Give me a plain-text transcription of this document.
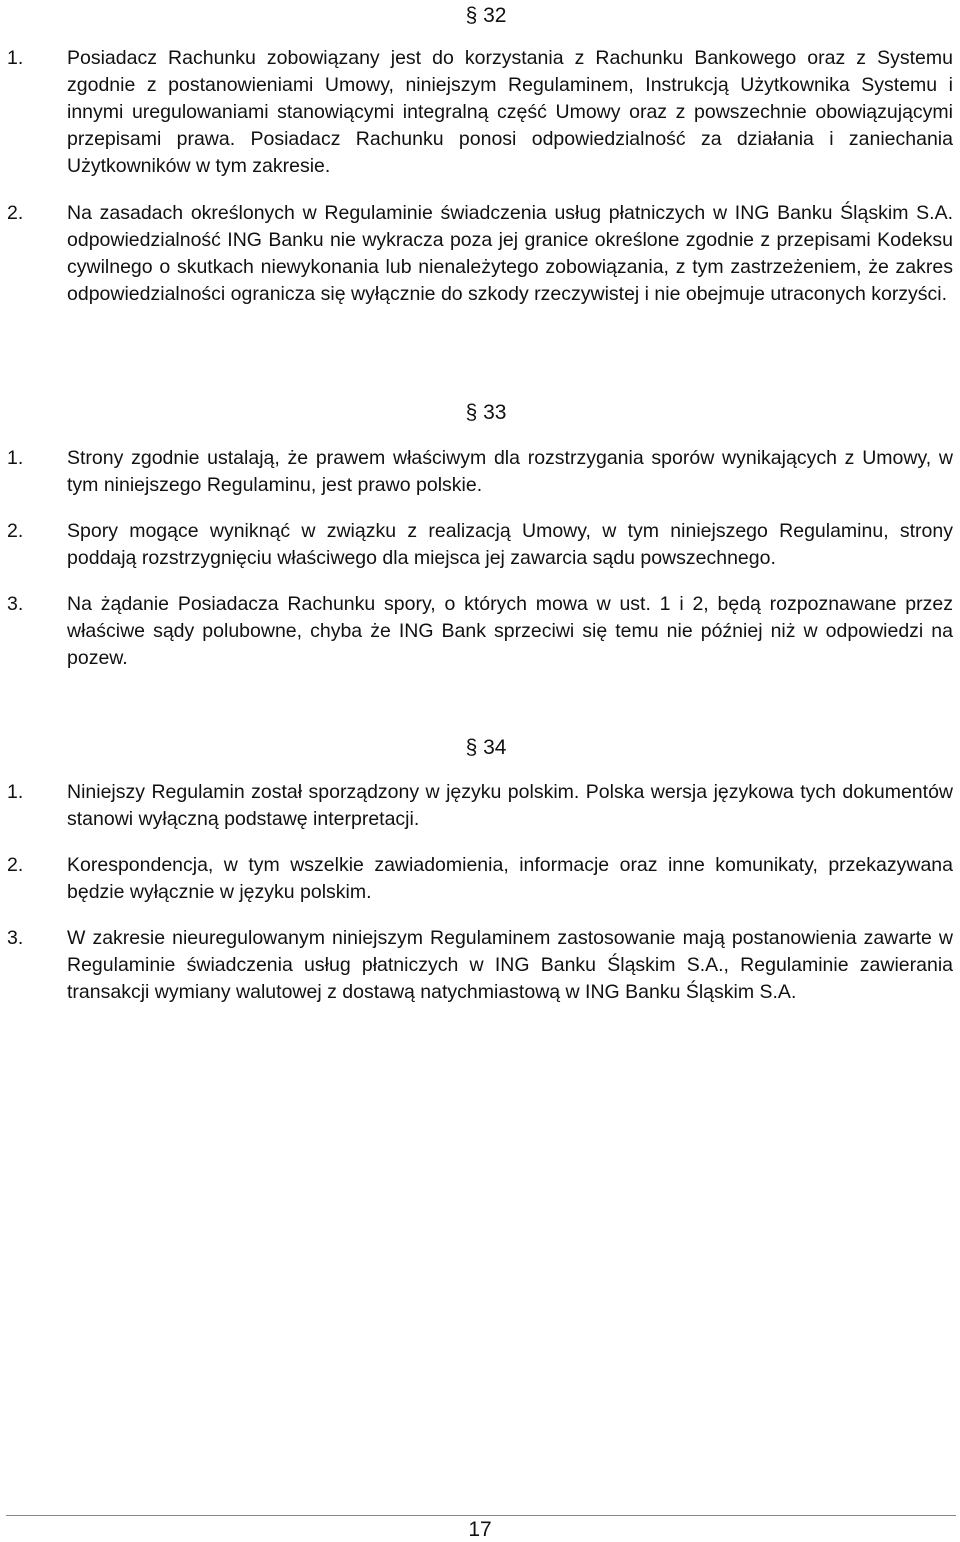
§ 32
1.	Posiadacz Rachunku zobowiązany jest do korzystania z Rachunku Bankowego oraz z Systemu zgodnie z postanowieniami Umowy, niniejszym Regulaminem, Instrukcją Użytkownika Systemu i innymi uregulowaniami stanowiącymi integralną część Umowy oraz z powszechnie obowiązującymi przepisami prawa. Posiadacz Rachunku ponosi odpowiedzialność za działania i zaniechania Użytkowników w tym zakresie.
2.	Na zasadach określonych w Regulaminie świadczenia usług płatniczych w ING Banku Śląskim S.A. odpowiedzialność ING Banku nie wykracza poza jej granice określone zgodnie z przepisami Kodeksu cywilnego o skutkach niewykonania lub nienależytego zobowiązania, z tym zastrzeżeniem, że zakres odpowiedzialności ogranicza się wyłącznie do szkody rzeczywistej i nie obejmuje utraconych korzyści.
§ 33
1.	Strony zgodnie ustalają, że prawem właściwym dla rozstrzygania sporów wynikających z Umowy, w tym niniejszego Regulaminu, jest prawo polskie.
2.	Spory mogące wyniknąć w związku z realizacją Umowy, w tym niniejszego Regulaminu, strony poddają rozstrzygnięciu właściwego dla miejsca jej zawarcia sądu powszechnego.
3.	Na żądanie Posiadacza Rachunku spory, o których mowa w ust. 1 i 2, będą rozpoznawane przez właściwe sądy polubowne, chyba że ING Bank sprzeciwi się temu nie później niż w odpowiedzi na pozew.
§ 34
1.	Niniejszy Regulamin został sporządzony w języku polskim. Polska wersja językowa tych dokumentów stanowi wyłączną podstawę interpretacji.
2.	Korespondencja, w tym wszelkie zawiadomienia, informacje oraz inne komunikaty, przekazywana będzie wyłącznie w języku polskim.
3.	W zakresie nieuregulowanym niniejszym Regulaminem zastosowanie mają postanowienia zawarte w Regulaminie świadczenia usług płatniczych w ING Banku Śląskim S.A., Regulaminie zawierania transakcji wymiany walutowej z dostawą natychmiastową w ING Banku Śląskim S.A.
17
